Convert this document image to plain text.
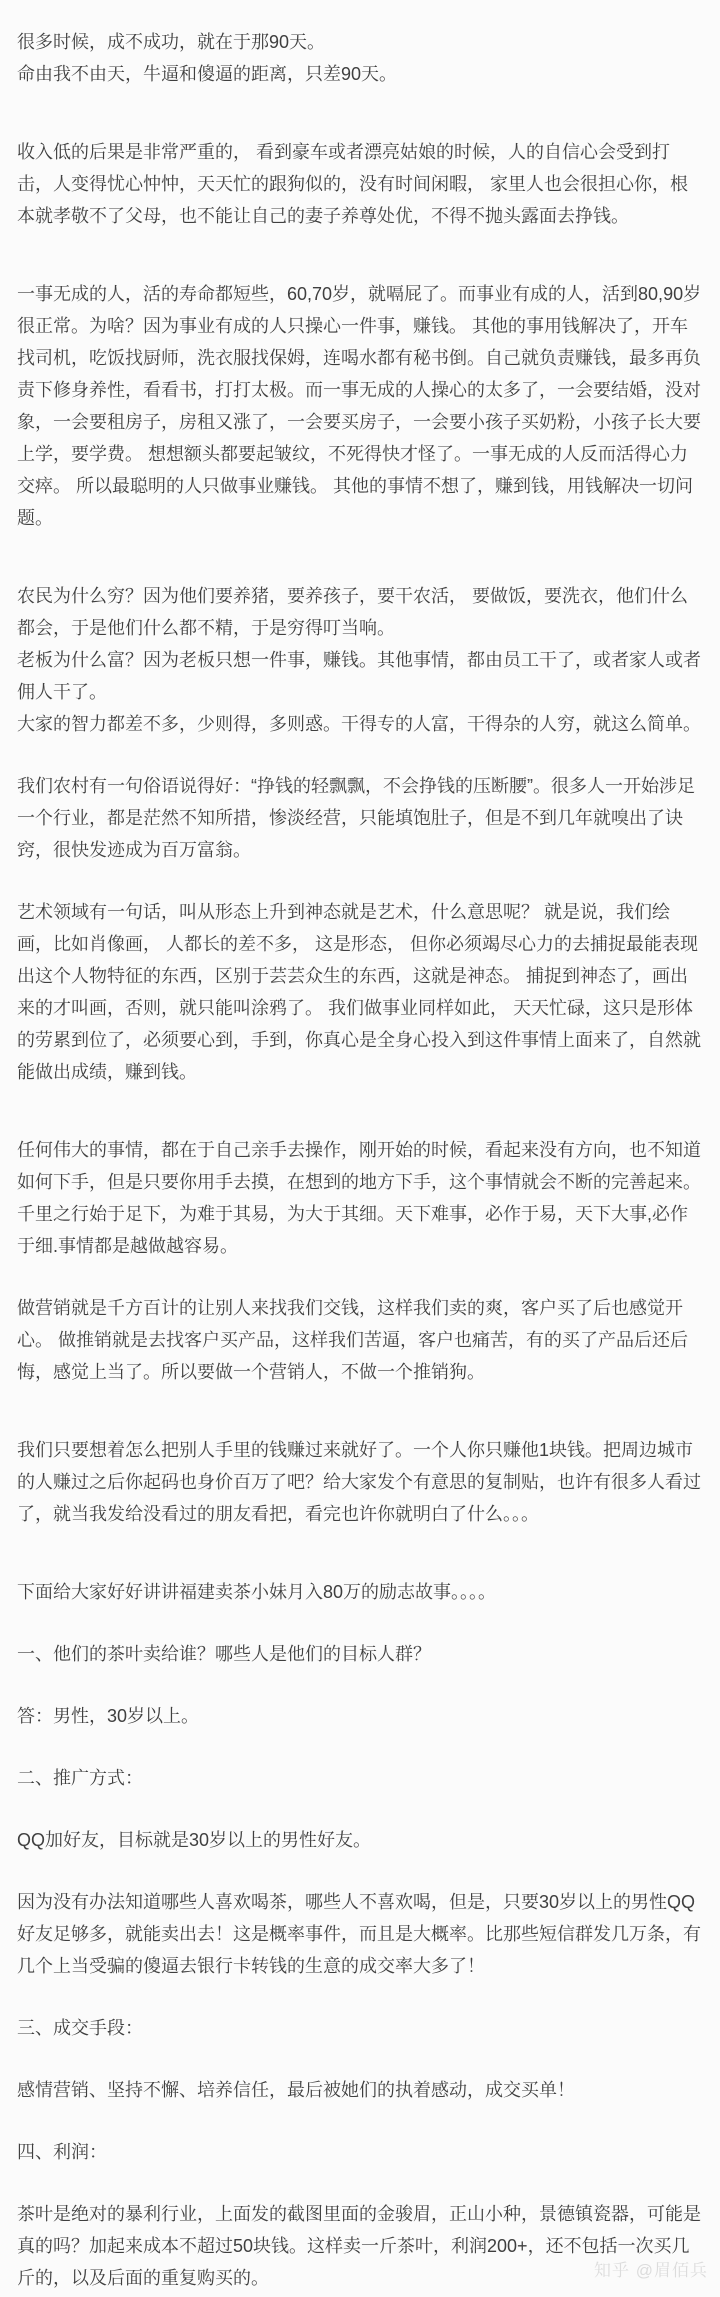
很多时候，成不成功，就在于那90天。

命由我不由天，牛逼和傻逼的距离，只差90天。

收入低的后果是非常严重的， 看到豪车或者漂亮姑娘的时候，人的自信心会受到打击，人变得忧心忡忡，天天忙的跟狗似的，没有时间闲暇， 家里人也会很担心你，根本就孝敬不了父母，也不能让自己的妻子养尊处优，不得不抛头露面去挣钱。

一事无成的人，活的寿命都短些，60,70岁，就嗝屁了。而事业有成的人，活到80,90岁很正常。为啥？因为事业有成的人只操心一件事，赚钱。 其他的事用钱解决了，开车找司机，吃饭找厨师，洗衣服找保姆，连喝水都有秘书倒。自己就负责赚钱，最多再负责下修身养性，看看书，打打太极。而一事无成的人操心的太多了，一会要结婚，没对象，一会要租房子，房租又涨了，一会要买房子，一会要小孩子买奶粉，小孩子长大要上学，要学费。 想想额头都要起皱纹，不死得快才怪了。一事无成的人反而活得心力交瘁。 所以最聪明的人只做事业赚钱。 其他的事情不想了，赚到钱，用钱解决一切问题。

农民为什么穷？因为他们要养猪，要养孩子，要干农活， 要做饭，要洗衣，他们什么都会，于是他们什么都不精，于是穷得叮当响。

老板为什么富？因为老板只想一件事，赚钱。其他事情，都由员工干了，或者家人或者佣人干了。

大家的智力都差不多，少则得，多则惑。干得专的人富，干得杂的人穷，就这么简单。

我们农村有一句俗语说得好：“挣钱的轻飘飘，不会挣钱的压断腰”。很多人一开始涉足一个行业，都是茫然不知所措，惨淡经营，只能填饱肚子，但是不到几年就嗅出了诀窍，很快发迹成为百万富翁。

艺术领域有一句话，叫从形态上升到神态就是艺术，什么意思呢？ 就是说，我们绘画，比如肖像画， 人都长的差不多， 这是形态， 但你必须竭尽心力的去捕捉最能表现出这个人物特征的东西，区别于芸芸众生的东西，这就是神态。 捕捉到神态了，画出来的才叫画，否则，就只能叫涂鸦了。 我们做事业同样如此， 天天忙碌，这只是形体的劳累到位了，必须要心到，手到，你真心是全身心投入到这件事情上面来了，自然就能做出成绩，赚到钱。

任何伟大的事情，都在于自己亲手去操作，刚开始的时候，看起来没有方向，也不知道如何下手，但是只要你用手去摸，在想到的地方下手，这个事情就会不断的完善起来。千里之行始于足下，为难于其易，为大于其细。天下难事，必作于易，天下大事,必作于细.事情都是越做越容易。

做营销就是千方百计的让别人来找我们交钱，这样我们卖的爽，客户买了后也感觉开心。 做推销就是去找客户买产品，这样我们苦逼，客户也痛苦，有的买了产品后还后悔，感觉上当了。所以要做一个营销人，不做一个推销狗。

我们只要想着怎么把别人手里的钱赚过来就好了。一个人你只赚他1块钱。把周边城市的人赚过之后你起码也身价百万了吧？给大家发个有意思的复制贴，也许有很多人看过了，就当我发给没看过的朋友看把，看完也许你就明白了什么。。。

下面给大家好好讲讲福建卖茶小妹月入80万的励志故事。。。。

一、他们的茶叶卖给谁？哪些人是他们的目标人群？

答：男性，30岁以上。

二、推广方式：

QQ加好友，目标就是30岁以上的男性好友。

因为没有办法知道哪些人喜欢喝茶，哪些人不喜欢喝，但是，只要30岁以上的男性QQ好友足够多，就能卖出去！这是概率事件，而且是大概率。比那些短信群发几万条，有几个上当受骗的傻逼去银行卡转钱的生意的成交率大多了！

三、成交手段：

感情营销、坚持不懈、培养信任，最后被她们的执着感动，成交买单！

四、利润：

茶叶是绝对的暴利行业，上面发的截图里面的金骏眉，正山小种，景德镇瓷器，可能是真的吗？加起来成本不超过50块钱。这样卖一斤茶叶，利润200+，还不包括一次买几斤的，以及后面的重复购买的。	知乎 @眉佰兵
